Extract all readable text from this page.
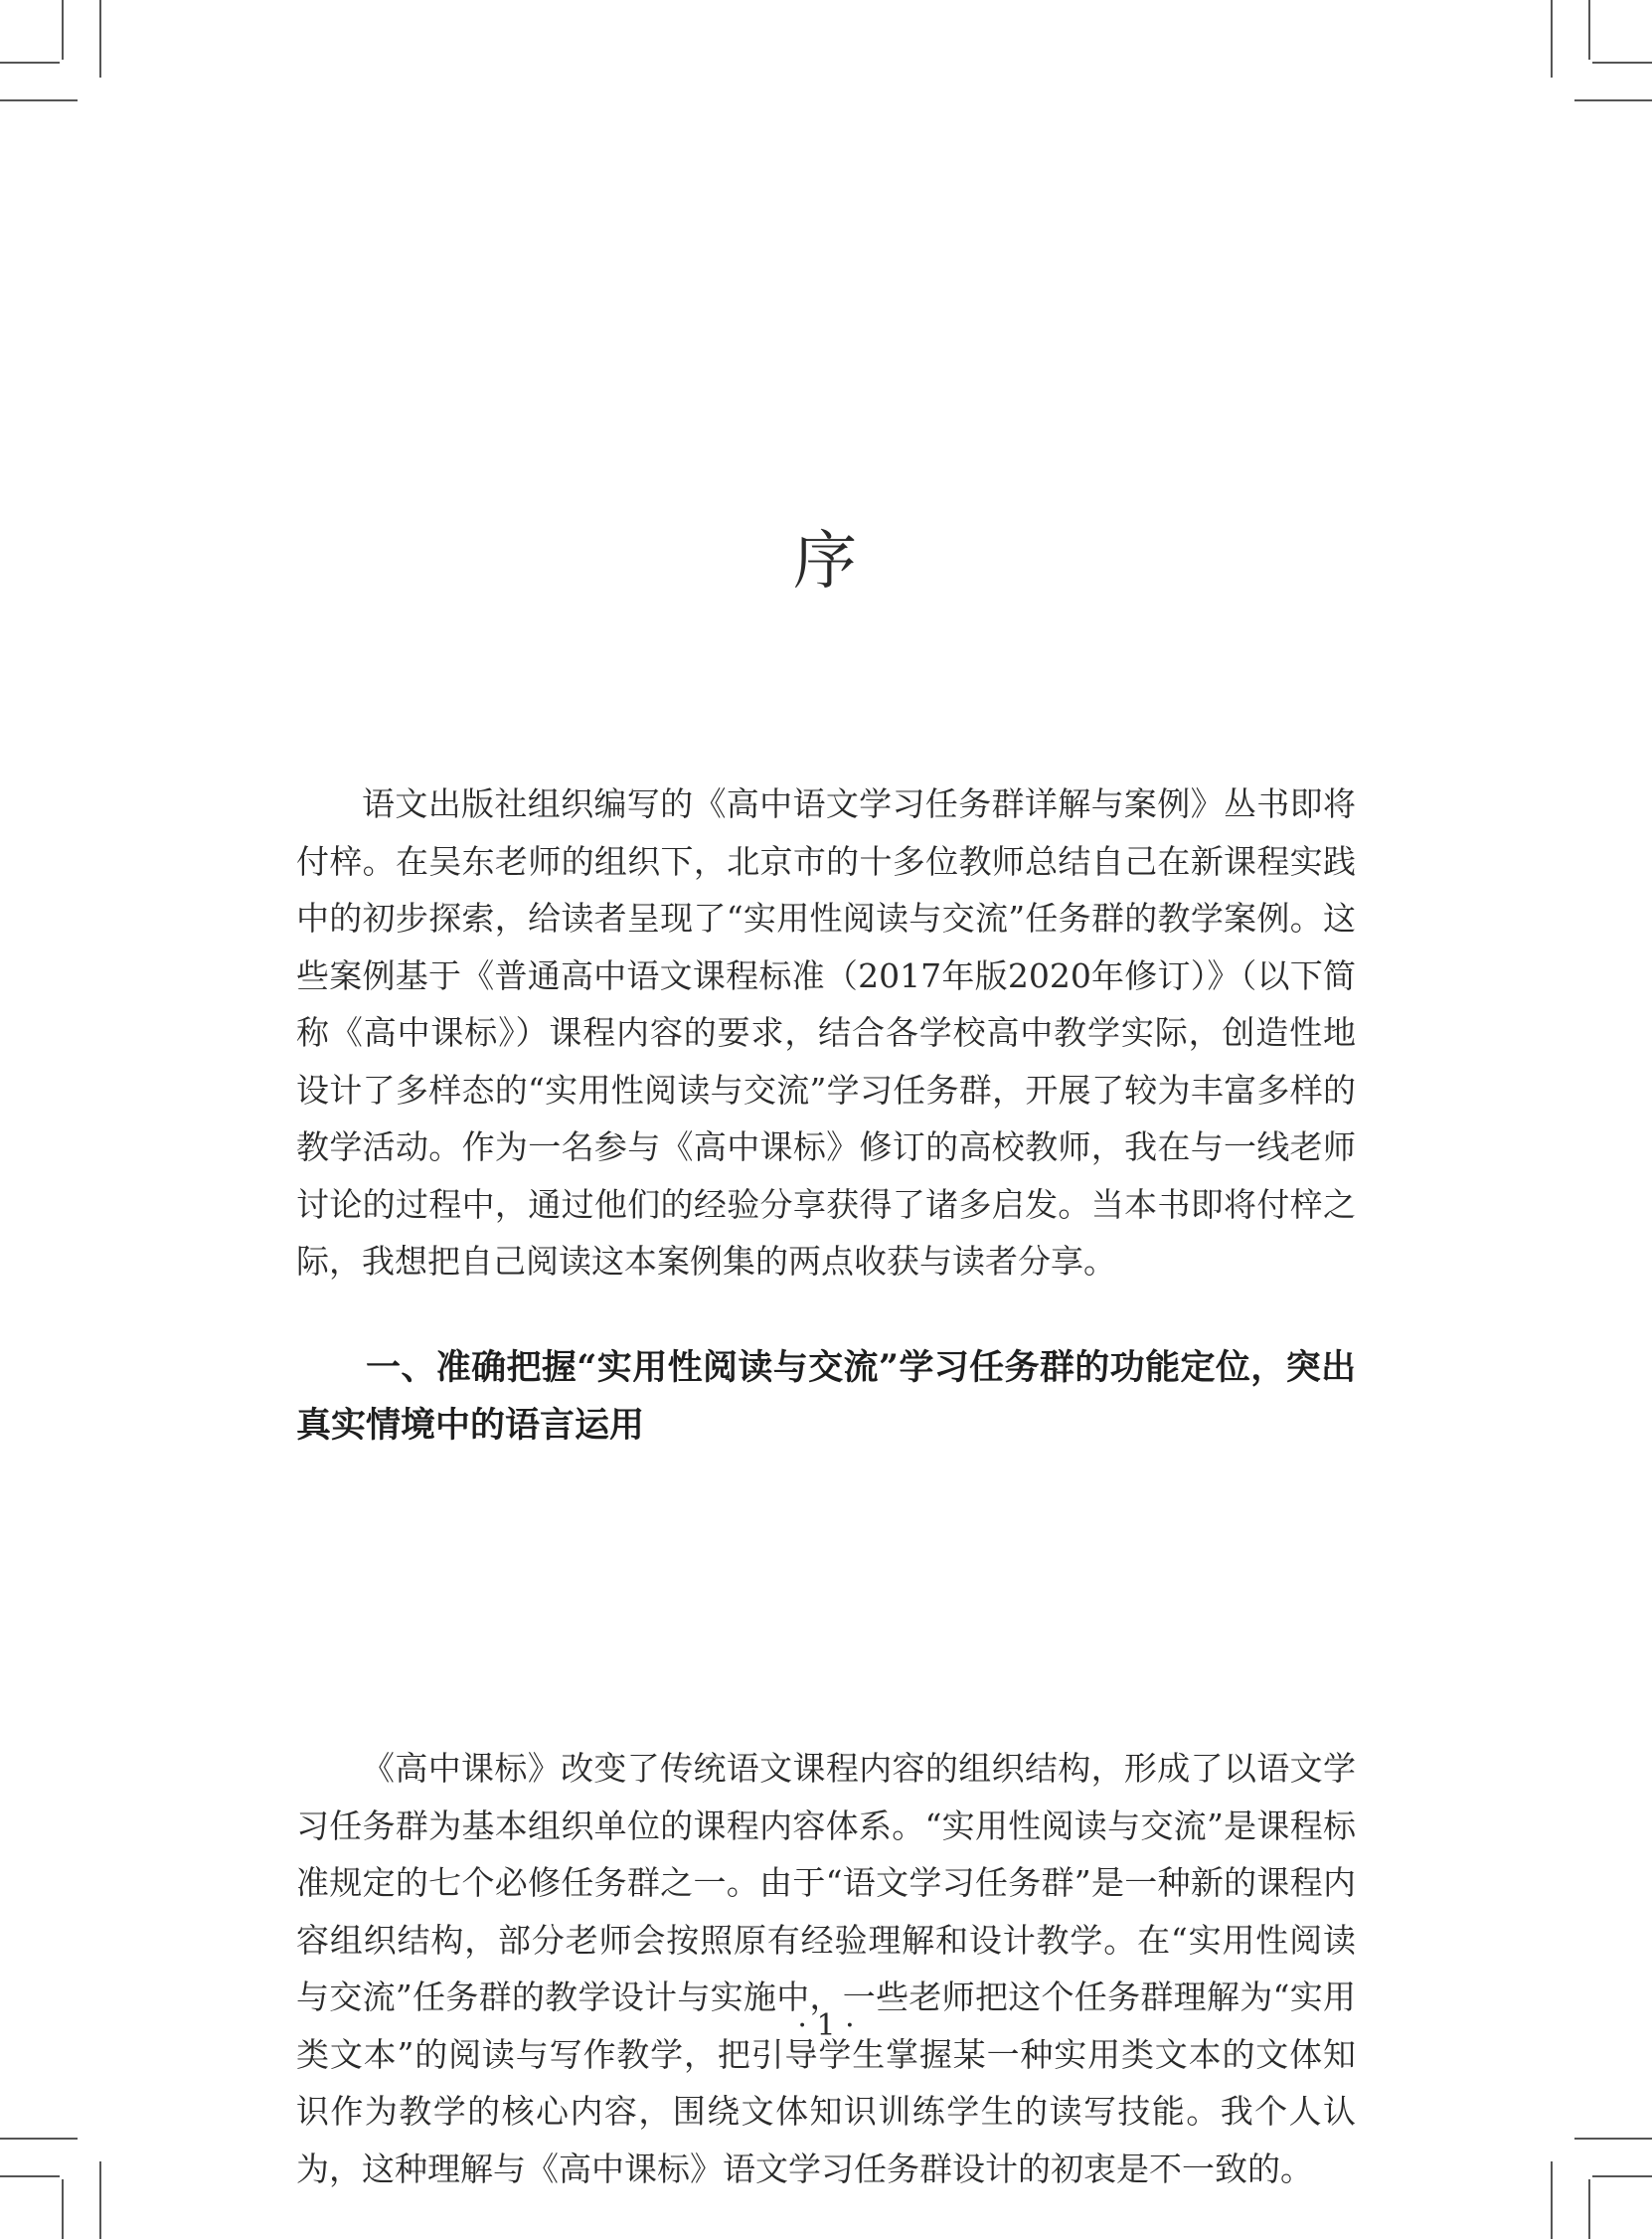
序

语文出版社组织编写的《高中语文学习任务群详解与案例》丛书即将付梓。在吴东老师的组织下，北京市的十多位教师总结自己在新课程实践中的初步探索，给读者呈现了“实用性阅读与交流”任务群的教学案例。这些案例基于《普通高中语文课程标准（2017年版2020年修订）》（以下简称《高中课标》）课程内容的要求，结合各学校高中教学实际，创造性地设计了多样态的“实用性阅读与交流”学习任务群，开展了较为丰富多样的教学活动。作为一名参与《高中课标》修订的高校教师，我在与一线老师讨论的过程中，通过他们的经验分享获得了诸多启发。当本书即将付梓之际，我想把自己阅读这本案例集的两点收获与读者分享。

一、准确把握“实用性阅读与交流”学习任务群的功能定位，突出真实情境中的语言运用

《高中课标》改变了传统语文课程内容的组织结构，形成了以语文学习任务群为基本组织单位的课程内容体系。“实用性阅读与交流”是课程标准规定的七个必修任务群之一。由于“语文学习任务群”是一种新的课程内容组织结构，部分老师会按照原有经验理解和设计教学。在“实用性阅读与交流”任务群的教学设计与实施中，一些老师把这个任务群理解为“实用类文本”的阅读与写作教学，把引导学生掌握某一种实用类文本的文体知识作为教学的核心内容，围绕文体知识训练学生的读写技能。我个人认为，这种理解与《高中课标》语文学习任务群设计的初衷是不一致的。

· 1 ·
